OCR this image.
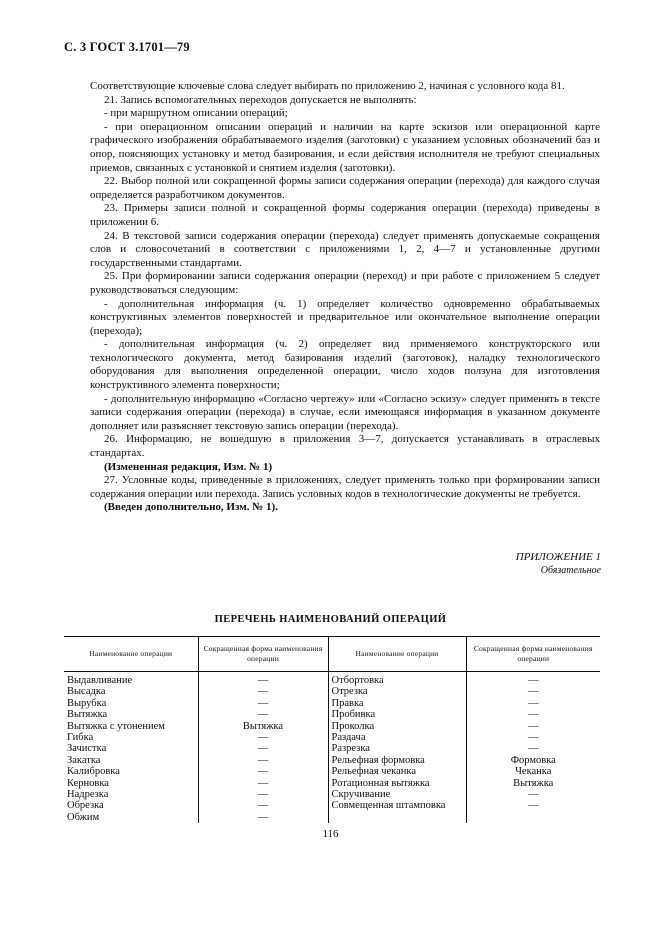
С. 3 ГОСТ 3.1701—79

Соответствующие ключевые слова следует выбирать по приложению 2, начиная с условного кода 81.

21. Запись вспомогательных переходов допускается не выполнять:

- при маршрутном описании операций;

- при операционном описании операций и наличии на карте эскизов или операционной карте графического изображения обрабатываемого изделия (заготовки) с указанием условных обозначений баз и опор, поясняющих установку и метод базирования, и если действия исполнителя не требуют специальных приемов, связанных с установкой и снятием изделия (заготовки).

22. Выбор полной или сокращенной формы записи содержания операции (перехода) для каждого случая определяется разработчиком документов.

23. Примеры записи полной и сокращенной формы содержания операции (перехода) приведены в приложении 6.

24. В текстовой записи содержания операции (перехода) следует применять допускаемые сокращения слов и словосочетаний в соответствии с приложениями 1, 2, 4—7 и установленные другими государственными стандартами.

25. При формировании записи содержания операции (переход) и при работе с приложением 5 следует руководствоваться следующим:

- дополнительная информация (ч. 1) определяет количество одновременно обрабатываемых конструктивных элементов поверхностей и предварительное или окончательное выполнение операции (перехода);

- дополнительная информация (ч. 2) определяет вид применяемого конструкторского или технологического документа, метод базирования изделий (заготовок), наладку технологического оборудования для выполнения определенной операции, число ходов ползуна для изготовления конструктивного элемента поверхности;

- дополнительную информацию «Согласно чертежу» или «Согласно эскизу» следует применять в тексте записи содержания операции (перехода) в случае, если имеющаяся информация в указанном документе дополняет или разъясняет текстовую запись операции (перехода).

26. Информацию, не вошедшую в приложения 3—7, допускается устанавливать в отраслевых стандартах.

(Измененная редакция, Изм. № 1)

27. Условные коды, приведенные в приложениях, следует применять только при формировании записи содержания операции или перехода. Запись условных кодов в технологические документы не требуется.

(Введен дополнительно, Изм. № 1).

ПРИЛОЖЕНИЕ 1
Обязательное
ПЕРЕЧЕНЬ НАИМЕНОВАНИЙ ОПЕРАЦИЙ
Наименование операции	Сокращенная форма наименования операции	Наименование операции	Сокращенная форма наименования операции
Выдавливание	—	Отбортовка	—
Высадка	—	Отрезка	—
Вырубка	—	Правка	—
Вытяжка	—	Пробивка	—
Вытяжка с утонением	Вытяжка	Проколка	—
Гибка	—	Раздача	—
Зачистка	—	Разрезка	—
Закатка	—	Рельефная формовка	Формовка
Калибровка	—	Рельефная чеканка	Чеканка
Керновка	—	Ротационная вытяжка	Вытяжка
Надрезка	—	Скручивание	—
Обрезка	—	Совмещенная штамповка	—
Обжим	—		
116
